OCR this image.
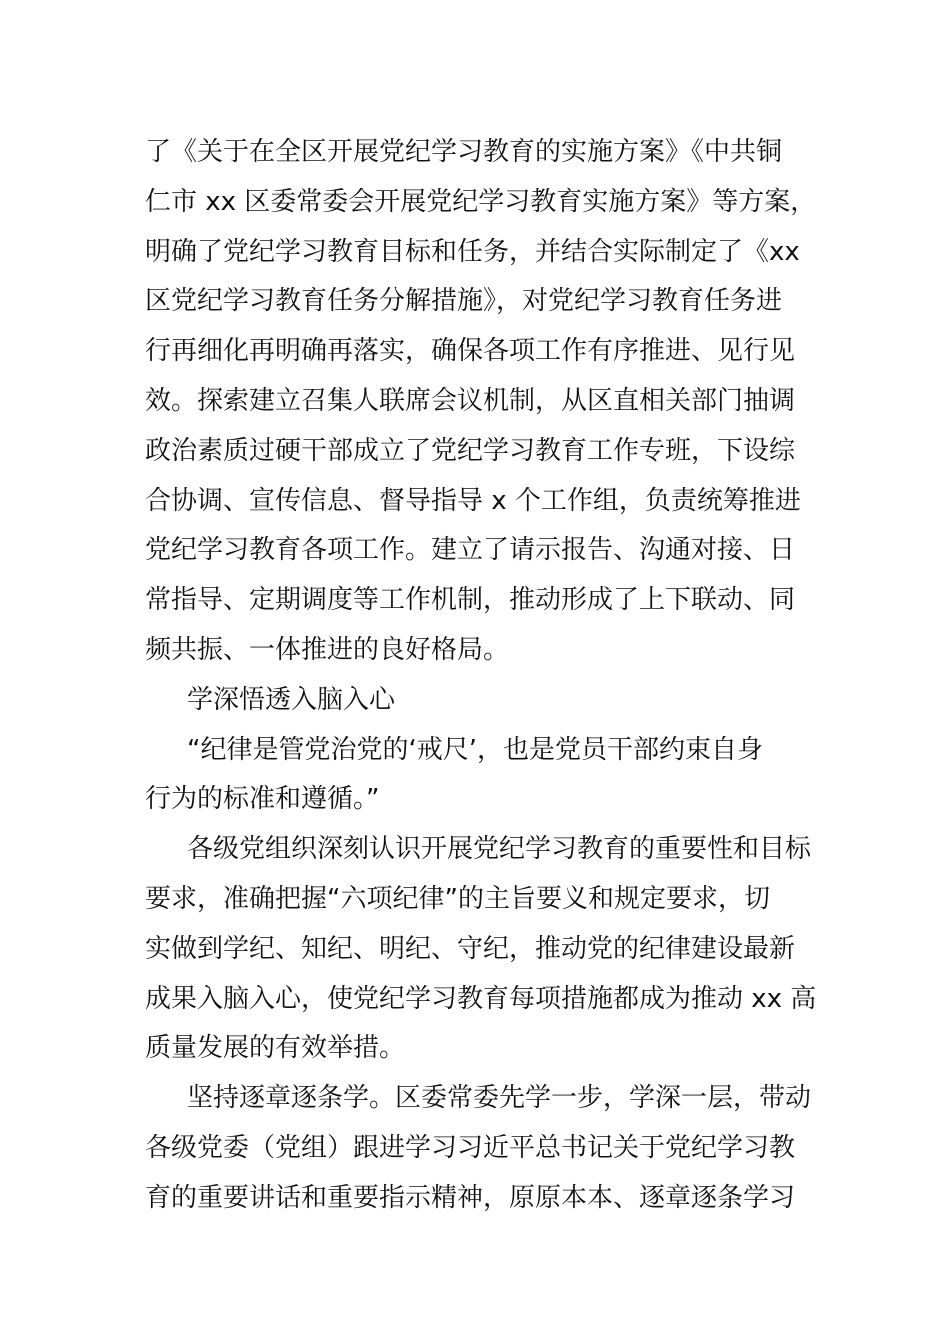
了《关于在全区开展党纪学习教育的实施方案》《中共铜
仁市 xx 区委常委会开展党纪学习教育实施方案》等方案，
明确了党纪学习教育目标和任务，并结合实际制定了《xx
区党纪学习教育任务分解措施》，对党纪学习教育任务进
行再细化再明确再落实，确保各项工作有序推进、见行见
效。探索建立召集人联席会议机制，从区直相关部门抽调
政治素质过硬干部成立了党纪学习教育工作专班，下设综
合协调、宣传信息、督导指导 x 个工作组，负责统筹推进
党纪学习教育各项工作。建立了请示报告、沟通对接、日
常指导、定期调度等工作机制，推动形成了上下联动、同
频共振、一体推进的良好格局。
学深悟透入脑入心
“纪律是管党治党的‘戒尺’，也是党员干部约束自身
行为的标准和遵循。”
各级党组织深刻认识开展党纪学习教育的重要性和目标
要求，准确把握“六项纪律”的主旨要义和规定要求，切
实做到学纪、知纪、明纪、守纪，推动党的纪律建设最新
成果入脑入心，使党纪学习教育每项措施都成为推动 xx 高
质量发展的有效举措。
坚持逐章逐条学。区委常委先学一步，学深一层，带动
各级党委（党组）跟进学习习近平总书记关于党纪学习教
育的重要讲话和重要指示精神，原原本本、逐章逐条学习
